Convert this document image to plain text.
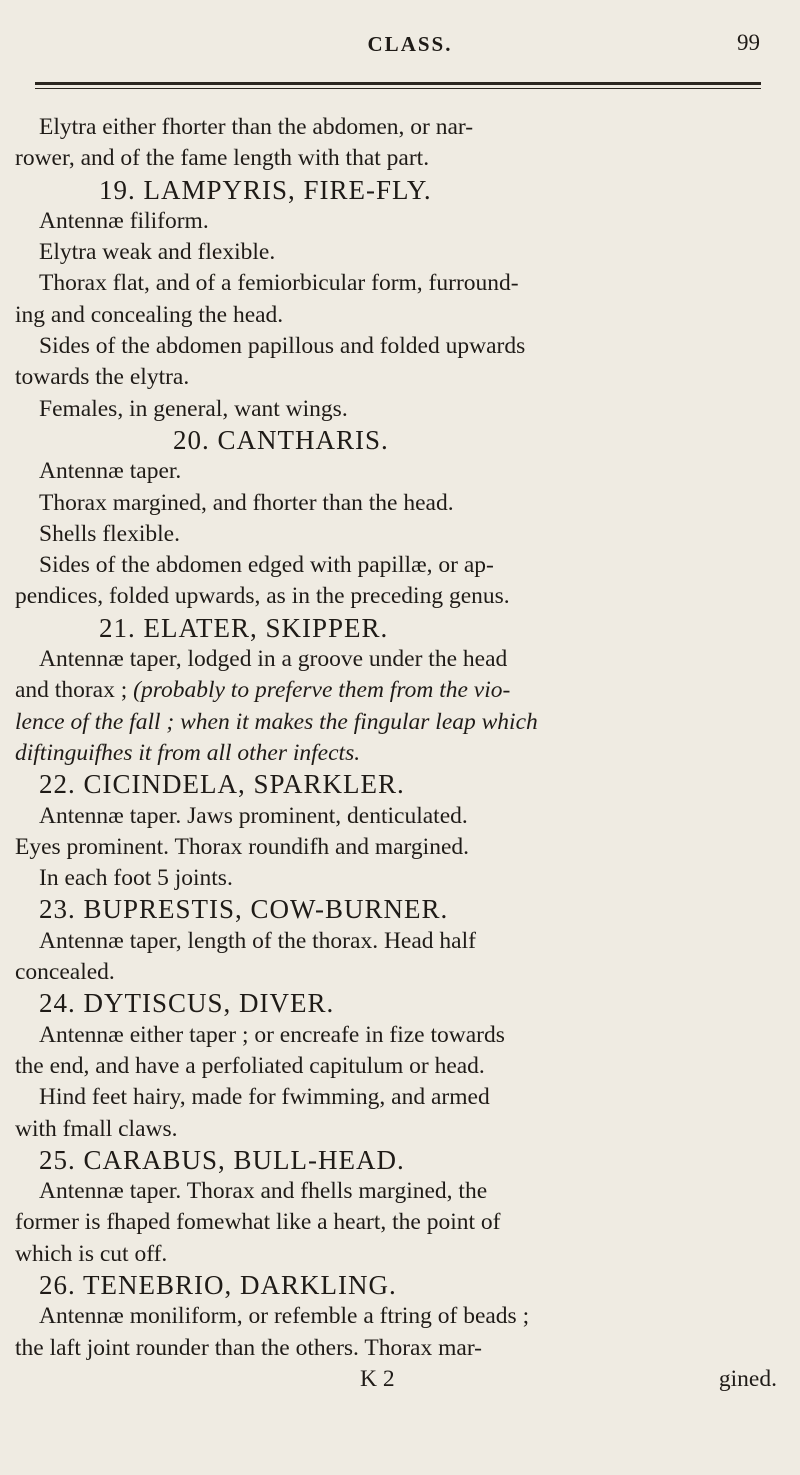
CLASS.	99
Elytra either fhorter than the abdomen, or nar-
rower, and of the fame length with that part.
19. LAMPYRIS, FIRE-FLY.
Antennæ filiform.
Elytra weak and flexible.
Thorax flat, and of a femiorbicular form, furround-
ing and concealing the head.
Sides of the abdomen papillous and folded upwards
towards the elytra.
Females, in general, want wings.
20. CANTHARIS.
Antennæ taper.
Thorax margined, and fhorter than the head.
Shells flexible.
Sides of the abdomen edged with papillæ, or ap-
pendices, folded upwards, as in the preceding genus.
21. ELATER, SKIPPER.
Antennæ taper, lodged in a groove under the head
and thorax ; (probably to preferve them from the vio-
lence of the fall ; when it makes the fingular leap which
diftinguifhes it from all other infects.
22. CICINDELA, SPARKLER.
Antennæ taper. Jaws prominent, denticulated.
Eyes prominent. Thorax roundifh and margined.
In each foot 5 joints.
23. BUPRESTIS, COW-BURNER.
Antennæ taper, length of the thorax. Head half
concealed.
24. DYTISCUS, DIVER.
Antennæ either taper ; or encreafe in fize towards
the end, and have a perfoliated capitulum or head.
Hind feet hairy, made for fwimming, and armed
with fmall claws.
25. CARABUS, BULL-HEAD.
Antennæ taper. Thorax and fhells margined, the
former is fhaped fomewhat like a heart, the point of
which is cut off.
26. TENEBRIO, DARKLING.
Antennæ moniliform, or refemble a ftring of beads ;
the laft joint rounder than the others. Thorax mar-
K 2	gined.
